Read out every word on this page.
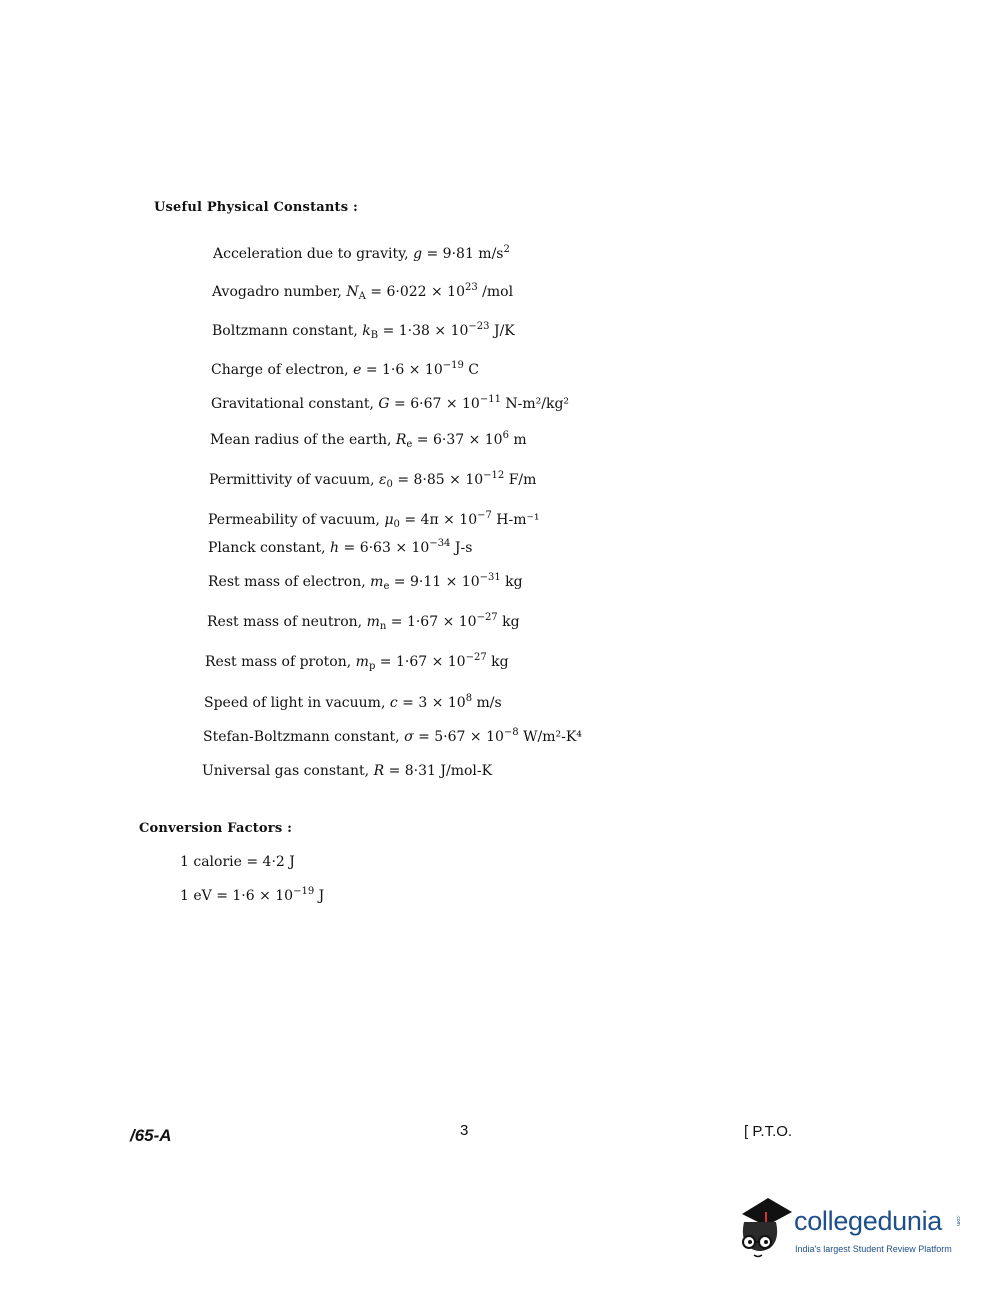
Useful Physical Constants :
Acceleration due to gravity, g = 9·81 $m/s^2$
Avogadro number, $N_A = 6\cdot 022 \times 10^{23}$ /mol
Boltzmann constant, $k_B = 1\cdot 38 \times 10^{-23}$ J/K
Charge of electron, $e = 1\cdot 6 \times 10^{-19}$ C
Gravitational constant, $G = 6\cdot 67 \times 10^{-11}$ N-m²/kg²
Mean radius of the earth, $R_e = 6\cdot 37 \times 10^6$ m
Permittivity of vacuum, $\varepsilon_0 = 8\cdot 85 \times 10^{-12}$ F/m
Permeability of vacuum, $\mu_0 = 4\pi \times 10^{-7}$ H-m⁻¹
Planck constant, $h = 6\cdot 63 \times 10^{-34}$ J-s
Rest mass of electron, $m_e = 9\cdot 11 \times 10^{-31}$ kg
Rest mass of neutron, $m_n = 1\cdot 67 \times 10^{-27}$ kg
Rest mass of proton, $m_p = 1\cdot 67 \times 10^{-27}$ kg
Speed of light in vacuum, $c = 3 \times 10^8$ m/s
Stefan-Boltzmann constant, $\sigma = 5\cdot 67 \times 10^{-8}$ W/m²-K⁴
Universal gas constant, R = 8·31 J/mol-K
Conversion Factors :
1 calorie = 4·2 J
1 eV = $1\cdot 6 \times 10^{-19}$ J
/65-A	3	[ P.T.O.
collegedunia	.com
India's largest Student Review Platform
